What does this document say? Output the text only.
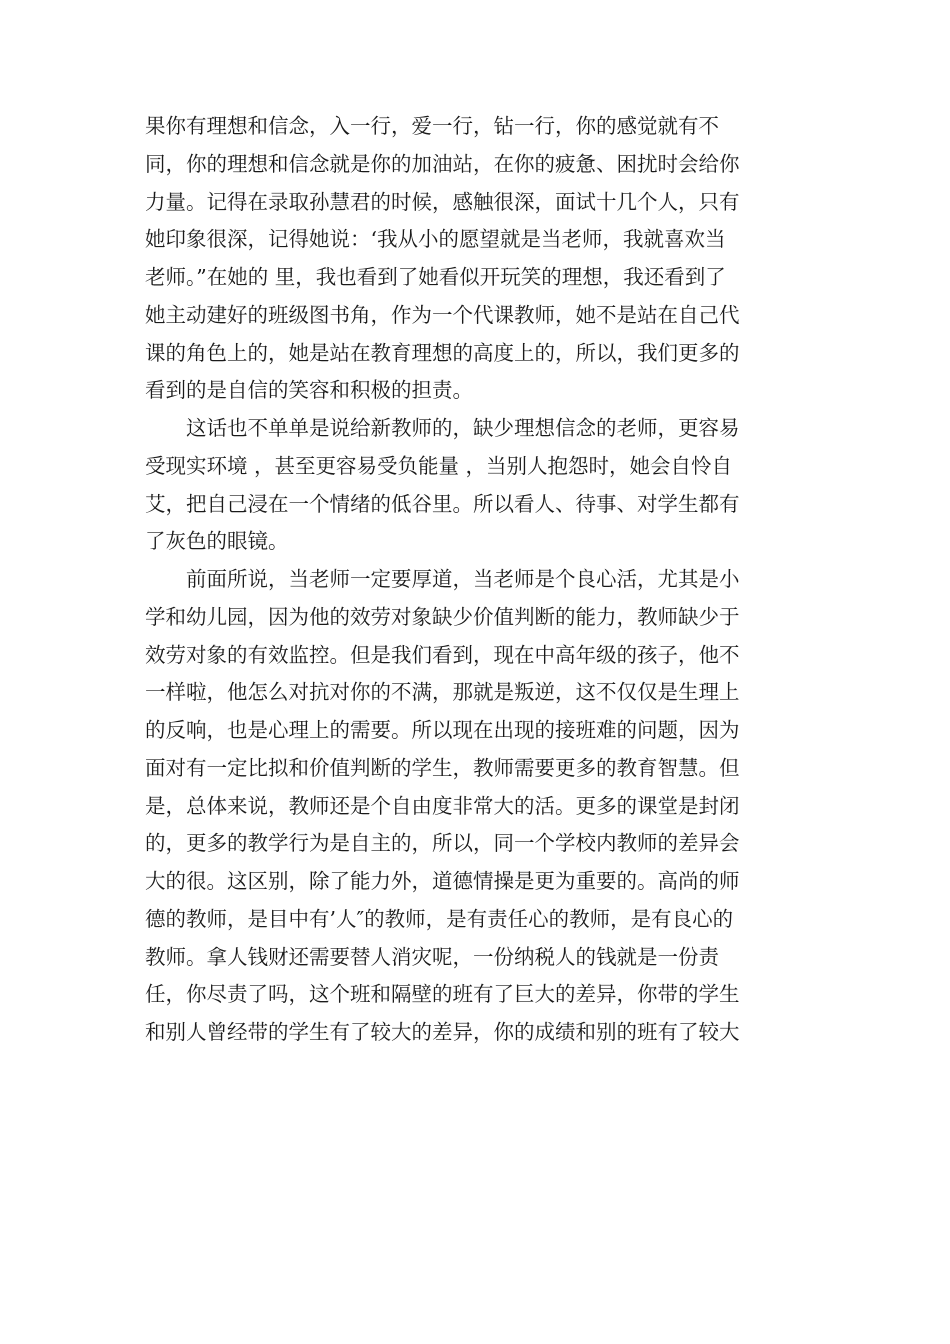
果你有理想和信念，入一行，爱一行，钻一行，你的感觉就有不
同，你的理想和信念就是你的加油站，在你的疲惫、困扰时会给你
力量。记得在录取孙慧君的时候，感触很深，面试十几个人，只有
她印象很深，记得她说：‘我从小的愿望就是当老师，我就喜欢当
老师。”在她的 里，我也看到了她看似开玩笑的理想，我还看到了
她主动建好的班级图书角，作为一个代课教师，她不是站在自己代
课的角色上的，她是站在教育理想的高度上的，所以，我们更多的
看到的是自信的笑容和积极的担责。
　　这话也不单单是说给新教师的，缺少理想信念的老师，更容易
受现实环境 ，甚至更容易受负能量 ，当别人抱怨时，她会自怜自
艾，把自己浸在一个情绪的低谷里。所以看人、待事、对学生都有
了灰色的眼镜。
　　前面所说，当老师一定要厚道，当老师是个良心活，尤其是小
学和幼儿园，因为他的效劳对象缺少价值判断的能力，教师缺少于
效劳对象的有效监控。但是我们看到，现在中高年级的孩子，他不
一样啦，他怎么对抗对你的不满，那就是叛逆，这不仅仅是生理上
的反响，也是心理上的需要。所以现在出现的接班难的问题，因为
面对有一定比拟和价值判断的学生，教师需要更多的教育智慧。但
是，总体来说，教师还是个自由度非常大的活。更多的课堂是封闭
的，更多的教学行为是自主的，所以，同一个学校内教师的差异会
大的很。这区别，除了能力外，道德情操是更为重要的。高尚的师
德的教师，是目中有’人″的教师，是有责任心的教师，是有良心的
教师。拿人钱财还需要替人消灾呢，一份纳税人的钱就是一份责
任，你尽责了吗，这个班和隔壁的班有了巨大的差异，你带的学生
和别人曾经带的学生有了较大的差异，你的成绩和别的班有了较大
